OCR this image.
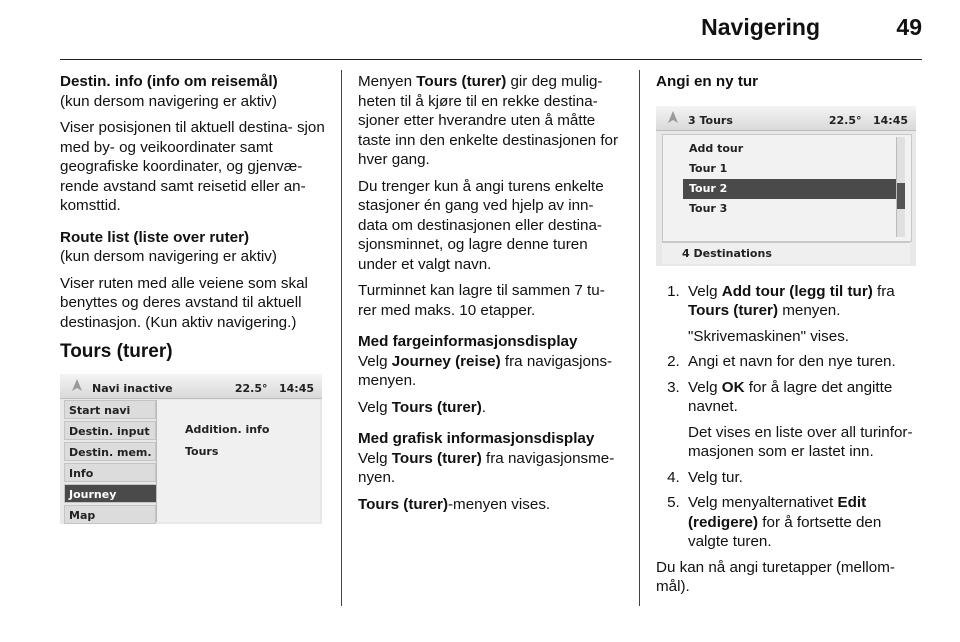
Navigering	49
Destin. info (info om reisemål)

(kun dersom navigering er aktiv)

Viser posisjonen til aktuell destina- sjon med by- og veikoordinater samt geografiske koordinater, og gjenvæ- rende avstand samt reisetid eller an- komsttid.

Route list (liste over ruter)

(kun dersom navigering er aktiv)

Viser ruten med alle veiene som skal benyttes og deres avstand til aktuell destinasjon. (Kun aktiv navigering.)

Tours (turer)
Navi inactive	22.5° 14:45
Start navi
Destin. input
Destin. mem.
Info
Journey
Map
Addition. info
Tours

Menyen Tours (turer) gir deg mulig- heten til å kjøre til en rekke destina- sjoner etter hverandre uten å måtte taste inn den enkelte destinasjonen for hver gang.

Du trenger kun å angi turens enkelte stasjoner én gang ved hjelp av inn- data om destinasjonen eller destina- sjonsminnet, og lagre denne turen under et valgt navn.

Turminnet kan lagre til sammen 7 tu- rer med maks. 10 etapper.

Med fargeinformasjonsdisplay

Velg Journey (reise) fra navigasjons- menyen.

Velg Tours (turer).

Med grafisk informasjonsdisplay

Velg Tours (turer) fra navigasjonsme- nyen.

Tours (turer)-menyen vises.

Angi en ny tur
3 Tours	22.5° 14:45
Add tour
Tour 1
Tour 2
Tour 3
4 Destinations
1. Velg Add tour (legg til tur) fra Tours (turer) menyen.
"Skrivemaskinen" vises.
2. Angi et navn for den nye turen.
3. Velg OK for å lagre det angitte navnet.
Det vises en liste over all turinfor- masjonen som er lastet inn.
4. Velg tur.
5. Velg menyalternativet Edit (redigere) for å fortsette den valgte turen.

Du kan nå angi turetapper (mellom- mål).
